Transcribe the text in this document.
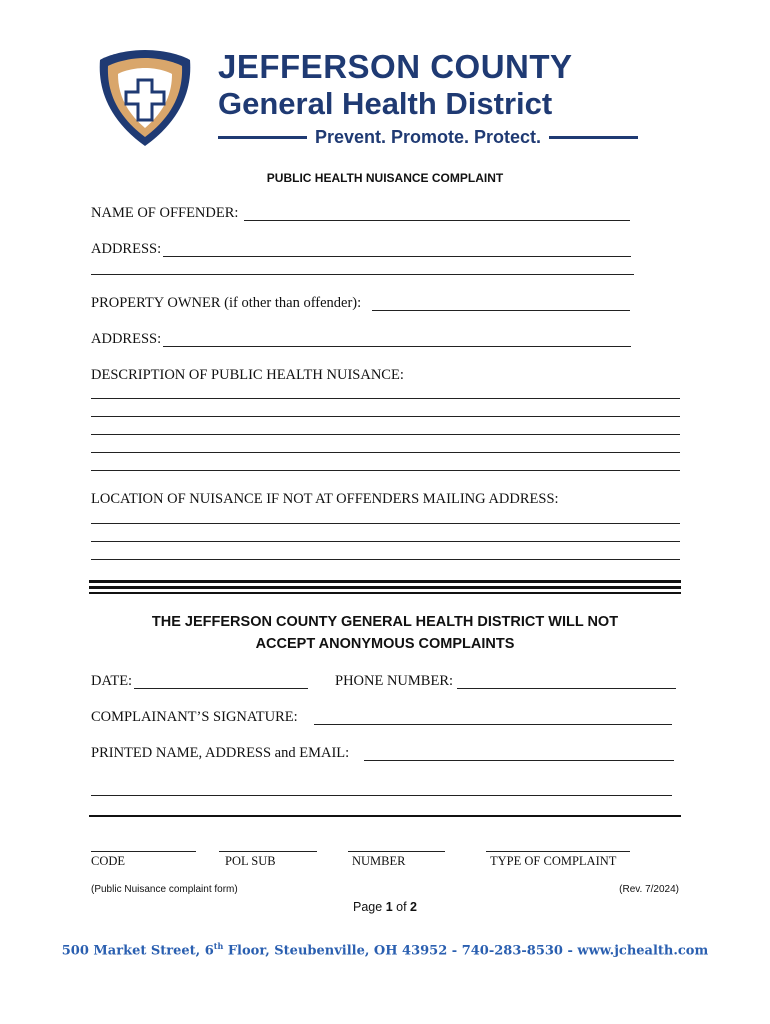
JEFFERSON COUNTY
General Health District
Prevent. Promote. Protect.
PUBLIC HEALTH NUISANCE COMPLAINT
NAME OF OFFENDER:
ADDRESS:
PROPERTY OWNER (if other than offender):
ADDRESS:
DESCRIPTION OF PUBLIC HEALTH NUISANCE:
LOCATION OF NUISANCE IF NOT AT OFFENDERS MAILING ADDRESS:
THE JEFFERSON COUNTY GENERAL HEALTH DISTRICT WILL NOT
ACCEPT ANONYMOUS COMPLAINTS
DATE:	PHONE NUMBER:
COMPLAINANT’S SIGNATURE:
PRINTED NAME, ADDRESS and EMAIL:
CODE	POL SUB	NUMBER	TYPE OF COMPLAINT
(Public Nuisance complaint form)	(Rev. 7/2024)
Page 1 of 2
500 Market Street, 6th Floor, Steubenville, OH 43952 - 740-283-8530 - www.jchealth.com
